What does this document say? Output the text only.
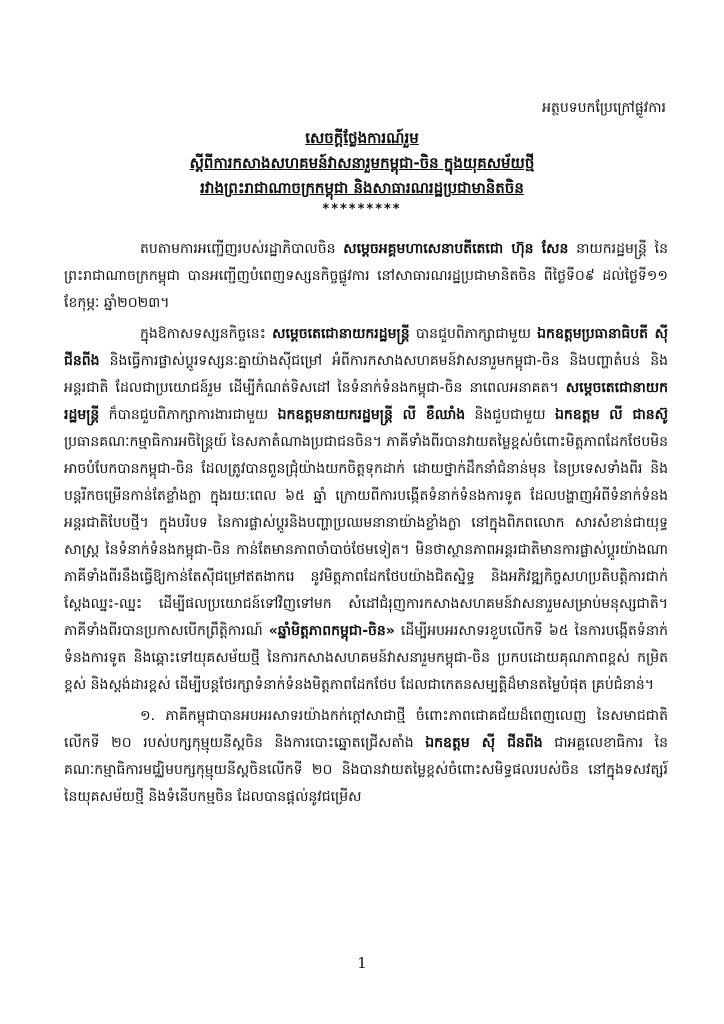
អត្ថបទបកប្រែក្រៅផ្លូវការ
សេចក្តីថ្លែងការណ៍រួម
ស្តីពីការកសាងសហគមន៍វាសនារួមកម្ពុជា-ចិន ក្នុងយុគសម័យថ្មី
រវាងព្រះរាជាណាចក្រកម្ពុជា និងសាធារណរដ្ឋប្រជាមានិតចិន
*********

តបតាមការអញ្ជើញរបស់រដ្ឋាភិបាលចិន សម្តេចអគ្គមហាសេនាបតីតេជោ ហ៊ុន សែន នាយករដ្ឋមន្ត្រី នៃព្រះរាជាណាចក្រកម្ពុជា បានអញ្ជើញបំពេញទស្សនកិច្ចផ្លូវការ នៅសាធារណរដ្ឋប្រជាមានិតចិន ពីថ្ងៃទី០៩ ដល់ថ្ងៃទី១១ ខែកុម្ភៈ ឆ្នាំ២០២៣។

ក្នុងឱកាសទស្សនកិច្ចនេះ សម្តេចតេជោនាយករដ្ឋមន្ត្រី បានជួបពិភាក្សាជាមួយ ឯកឧត្តមប្រធានាធិបតី ស៊ី ជីនពីង និងធ្វើការផ្លាស់ប្តូរទស្សនៈគ្នាយ៉ាងស៊ីជម្រៅ អំពីការកសាងសហគមន៍វាសនារួមកម្ពុជា-ចិន និងបញ្ហាតំបន់ និងអន្តរជាតិ ដែលជាប្រយោជន៍រួម ដើម្បីកំណត់ទិសដៅ នៃទំនាក់ទំនងកម្ពុជា-ចិន នាពេលអនាគត។ សម្តេចតេជោនាយករដ្ឋមន្ត្រី ក៏បានជួបពិភាក្សាការងារជាមួយ ឯកឧត្តមនាយករដ្ឋមន្ត្រី លី ខឺឈាំង និងជួបជាមួយ ឯកឧត្តម លី ជានស៊ូ ប្រធានគណៈកម្មាធិការអចិន្ត្រៃយ៍ នៃសភាតំណាងប្រជាជនចិន។ ភាគីទាំងពីរបានវាយតម្លៃខ្ពស់ចំពោះមិត្តភាពដែកថែបមិនអាចបំបែកបានកម្ពុជា-ចិន ដែលត្រូវបានពួនជ្រុំយ៉ាងយកចិត្តទុកដាក់ ដោយថ្នាក់ដឹកនាំជំនាន់មុន នៃប្រទេសទាំងពីរ និងបន្តរីកចម្រើនកាន់តែខ្លាំងក្លា ក្នុងរយៈពេល ៦៥ ឆ្នាំ ក្រោយពីការបង្កើតទំនាក់ទំនងការទូត ដែលបង្ហាញអំពីទំនាក់ទំនងអន្តរជាតិបែបថ្មី។ ក្នុងបរិបទ នៃការផ្លាស់ប្តូរនិងបញ្ហាប្រឈមនានាយ៉ាងខ្លាំងក្លា នៅក្នុងពិភពលោក សារសំខាន់ជាយុទ្ធសាស្ត្រ នៃទំនាក់ទំនងកម្ពុជា-ចិន កាន់តែមានភាពចាំបាច់ថែមទៀត។ មិនថាស្ថានភាពអន្តរជាតិមានការផ្លាស់ប្តូរយ៉ាងណា ភាគីទាំងពីរនឹងធ្វើឱ្យកាន់តែស៊ីជម្រៅឥតងាករេ នូវមិត្តភាពដែកថែបយ៉ាងជិតស្និទ្ធ និងអភិវឌ្ឍកិច្ចសហប្រតិបត្តិការជាក់ស្តែងឈ្នះ-ឈ្នះ ដើម្បីផលប្រយោជន៍ទៅវិញទៅមក សំដៅជំរុញការកសាងសហគមន៍វាសនារួមសម្រាប់មនុស្សជាតិ។ ភាគីទាំងពីរបានប្រកាសបើកព្រឹត្តិការណ៍ «ឆ្នាំមិត្តភាពកម្ពុជា-ចិន» ដើម្បីអបអរសាទរខួបលើកទី ៦៥ នៃការបង្កើតទំនាក់ទំនងការទូត និងឆ្ពោះទៅយុគសម័យថ្មី នៃការកសាងសហគមន៍វាសនារួមកម្ពុជា-ចិន ប្រកបដោយគុណភាពខ្ពស់ កម្រិតខ្ពស់ និងស្តង់ដារខ្ពស់ ដើម្បីបន្តថែរក្សាទំនាក់ទំនងមិត្តភាពដែកថែប ដែលជាកេតនសម្បត្តិដ៏មានតម្លៃបំផុត គ្រប់ជំនាន់។

១. ភាគីកម្ពុជាបានអបអរសាទរយ៉ាងកក់ក្តៅសាជាថ្មី ចំពោះភាពជោគជ័យដ៏ពេញលេញ នៃសមាជជាតិលើកទី ២០ របស់បក្សកុម្មុយនីស្តចិន និងការបោះឆ្នោតជ្រើសតាំង ឯកឧត្តម ស៊ី ជីនពីង ជាអគ្គលេខាធិការ នៃគណៈកម្មាធិការមជ្ឈិមបក្សកុម្មុយនីស្តចិនលើកទី ២០ និងបានវាយតម្លៃខ្ពស់ចំពោះសមិទ្ធផលរបស់ចិន នៅក្នុងទសវត្សរ៍ នៃយុគសម័យថ្មី និងទំនើបកម្មចិន ដែលបានផ្តល់នូវជម្រើស

1
